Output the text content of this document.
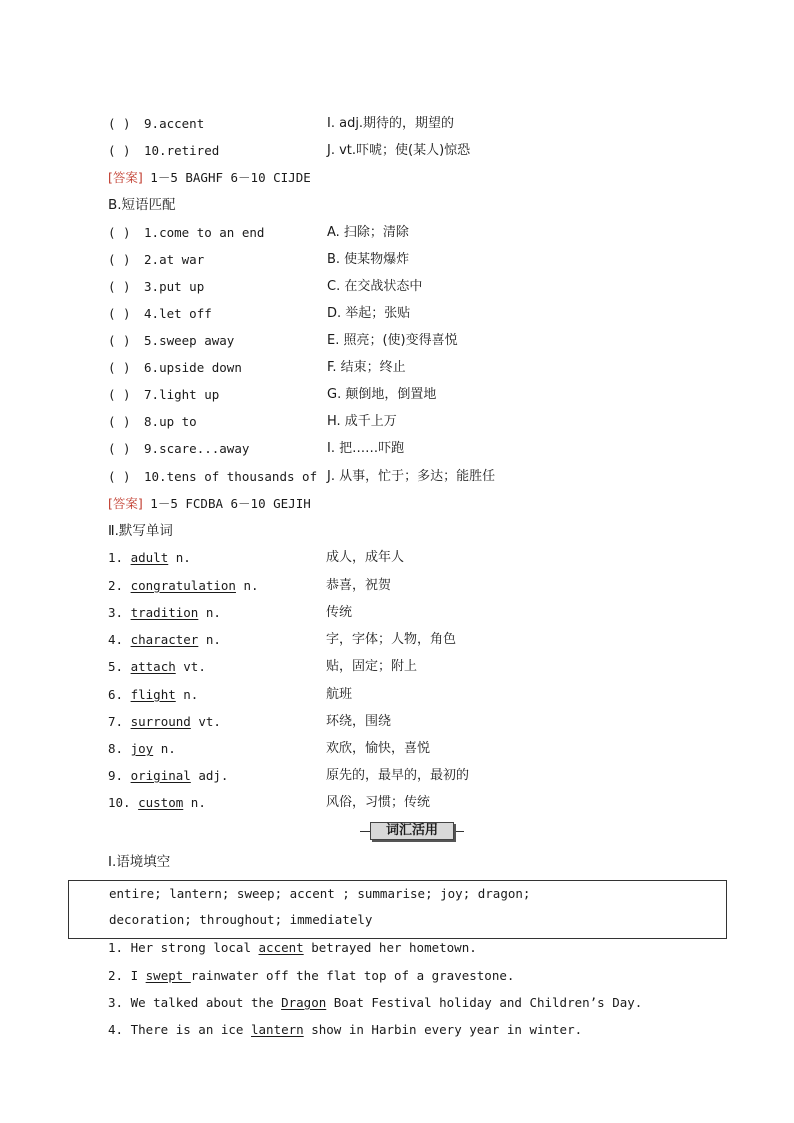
( ) 9.accent	I. adj.期待的，期望的
( ) 10.retired	J. vt.吓唬；使(某人)惊恐
[答案] 1－5 BAGHF 6－10 CIJDE
B.短语匹配
( ) 1.come to an end	A. 扫除；清除
( ) 2.at war	B. 使某物爆炸
( ) 3.put up	C. 在交战状态中
( ) 4.let off	D. 举起；张贴
( ) 5.sweep away	E. 照亮；(使)变得喜悦
( ) 6.upside down	F. 结束；终止
( ) 7.light up	G. 颠倒地，倒置地
( ) 8.up to	H. 成千上万
( ) 9.scare...away	I. 把……吓跑
( ) 10.tens of thousands of J. 从事，忙于；多达；能胜任
[答案] 1－5 FCDBA 6－10 GEJIH
Ⅱ.默写单词
1. adult n.	成人，成年人
2. congratulation n.	恭喜，祝贺
3. tradition n.	传统
4. character n.	字，字体；人物，角色
5. attach vt.	贴，固定；附上
6. flight n.	航班
7. surround vt.	环绕，围绕
8. joy n.	欢欣，愉快，喜悦
9. original adj.	原先的，最早的，最初的
10. custom n.	风俗，习惯；传统
词汇活用
Ⅰ.语境填空
entire; lantern; sweep; accent ; summarise; joy; dragon;
decoration; throughout; immediately
1. Her strong local accent betrayed her hometown.
2. I swept rainwater off the flat top of a gravestone.
3. We talked about the Dragon Boat Festival holiday and Children’s Day.
4. There is an ice lantern show in Harbin every year in winter.
